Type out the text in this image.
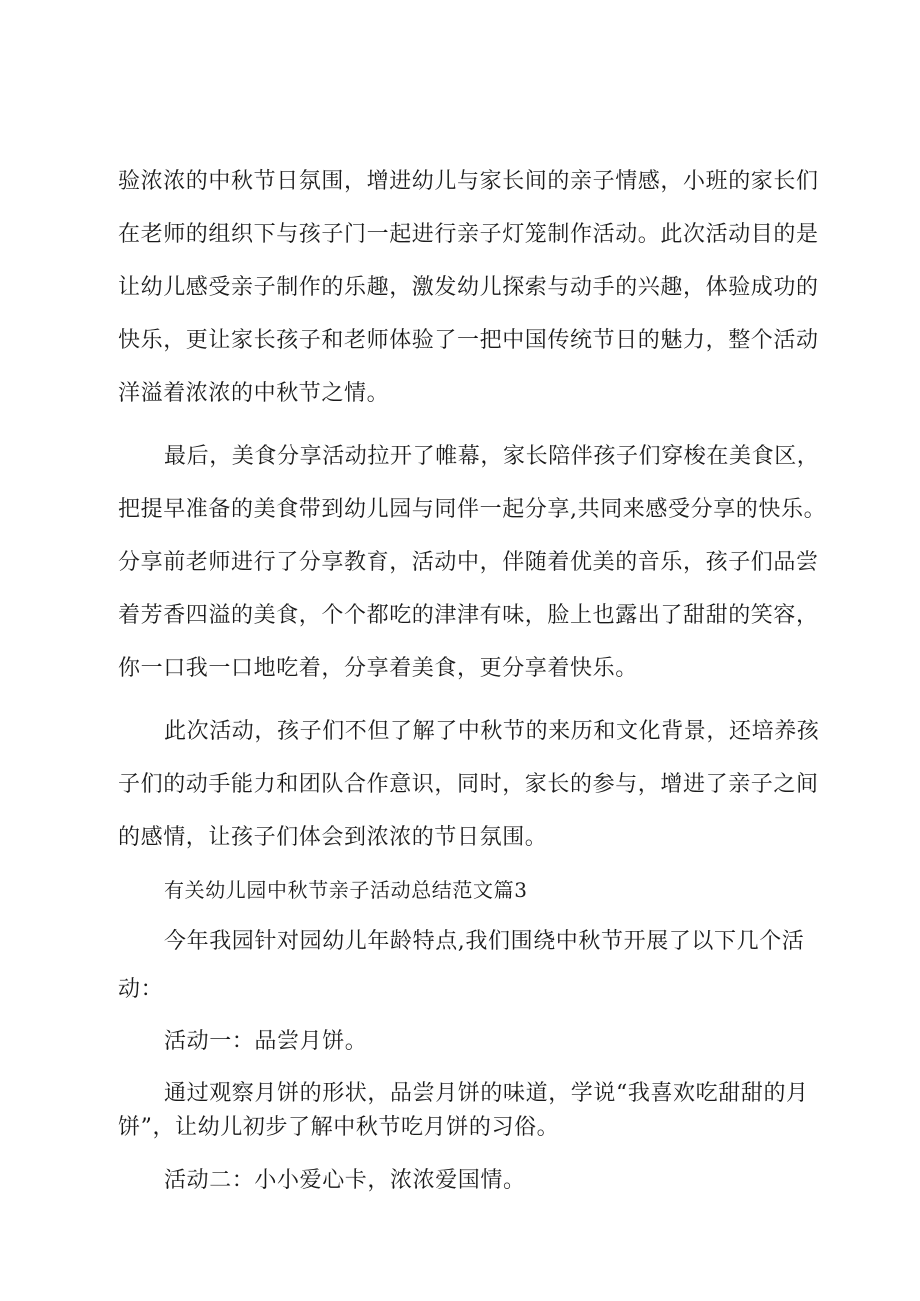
验浓浓的中秋节日氛围，增进幼儿与家长间的亲子情感，小班的家长们
在老师的组织下与孩子门一起进行亲子灯笼制作活动。此次活动目的是
让幼儿感受亲子制作的乐趣，激发幼儿探索与动手的兴趣，体验成功的
快乐，更让家长孩子和老师体验了一把中国传统节日的魅力，整个活动
洋溢着浓浓的中秋节之情。
最后，美食分享活动拉开了帷幕，家长陪伴孩子们穿梭在美食区，
把提早准备的美食带到幼儿园与同伴一起分享,共同来感受分享的快乐。
分享前老师进行了分享教育，活动中，伴随着优美的音乐，孩子们品尝
着芳香四溢的美食，个个都吃的津津有味，脸上也露出了甜甜的笑容，
你一口我一口地吃着，分享着美食，更分享着快乐。
此次活动，孩子们不但了解了中秋节的来历和文化背景，还培养孩
子们的动手能力和团队合作意识，同时，家长的参与，增进了亲子之间
的感情，让孩子们体会到浓浓的节日氛围。
有关幼儿园中秋节亲子活动总结范文篇3
今年我园针对园幼儿年龄特点,我们围绕中秋节开展了以下几个活
动：
活动一：品尝月饼。
通过观察月饼的形状，品尝月饼的味道，学说“我喜欢吃甜甜的月
饼”，让幼儿初步了解中秋节吃月饼的习俗。
活动二：小小爱心卡，浓浓爱国情。
